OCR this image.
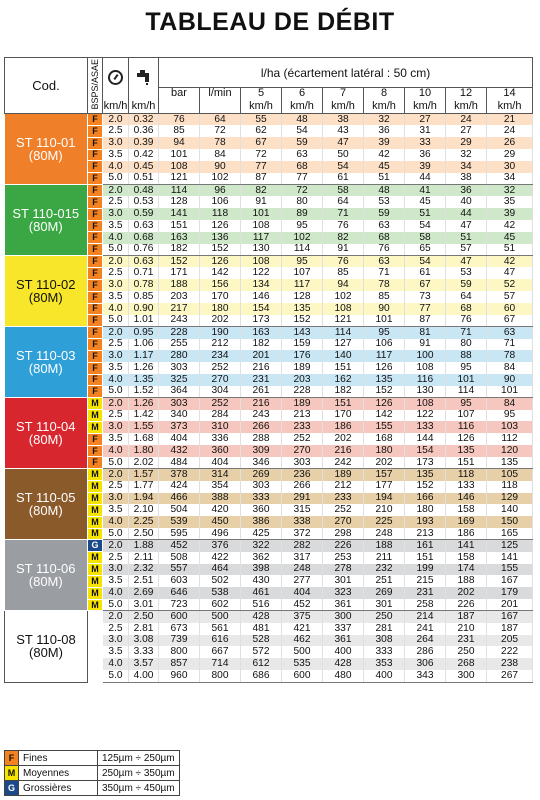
TABLEAU DE DÉBIT
Cod.	BSPS/ASAE			l/ha (écartement latéral : 50 cm)									
				bar	l/min	5	6	7	8	10	12	14		
		km/h	km/h			km/h	km/h	km/h	km/h	km/h	km/h	km/h	

ST 110-01
(80M)	F	2.0	0.32	76	64	55	48	38	32	27	24	21	
	F	2.5	0.36	85	72	62	54	43	36	31	27	24	
	F	3.0	0.39	94	78	67	59	47	39	33	29	26	
	F	3.5	0.42	101	84	72	63	50	42	36	32	29	
	F	4.0	0.45	108	90	77	68	54	45	39	34	30	
	F	5.0	0.51	121	102	87	77	61	51	44	38	34	

ST 110-015
(80M)	F	2.0	0.48	114	96	82	72	58	48	41	36	32	
	F	2.5	0.53	128	106	91	80	64	53	45	40	35	
	F	3.0	0.59	141	118	101	89	71	59	51	44	39	
	F	3.5	0.63	151	126	108	95	76	63	54	47	42	
	F	4.0	0.68	163	136	117	102	82	68	58	51	45	
	F	5.0	0.76	182	152	130	114	91	76	65	57	51	

ST 110-02
(80M)	F	2.0	0.63	152	126	108	95	76	63	54	47	42	
	F	2.5	0.71	171	142	122	107	85	71	61	53	47	
	F	3.0	0.78	188	156	134	117	94	78	67	59	52	
	F	3.5	0.85	203	170	146	128	102	85	73	64	57	
	F	4.0	0.90	217	180	154	135	108	90	77	68	60	
	F	5.0	1.01	243	202	173	152	121	101	87	76	67	

ST 110-03
(80M)	F	2.0	0.95	228	190	163	143	114	95	81	71	63	
	F	2.5	1.06	255	212	182	159	127	106	91	80	71	
	F	3.0	1.17	280	234	201	176	140	117	100	88	78	
	F	3.5	1.26	303	252	216	189	151	126	108	95	84	
	F	4.0	1.35	325	270	231	203	162	135	116	101	90	
	F	5.0	1.52	364	304	261	228	182	152	130	114	101	

ST 110-04
(80M)	M	2.0	1.26	303	252	216	189	151	126	108	95	84	
	M	2.5	1.42	340	284	243	213	170	142	122	107	95	
	M	3.0	1.55	373	310	266	233	186	155	133	116	103	
	F	3.5	1.68	404	336	288	252	202	168	144	126	112	
	F	4.0	1.80	432	360	309	270	216	180	154	135	120	
	F	5.0	2.02	484	404	346	303	242	202	173	151	135	

ST 110-05
(80M)	M	2.0	1.57	378	314	269	236	189	157	135	118	105	
	M	2.5	1.77	424	354	303	266	212	177	152	133	118	
	M	3.0	1.94	466	388	333	291	233	194	166	146	129	
	M	3.5	2.10	504	420	360	315	252	210	180	158	140	
	M	4.0	2.25	539	450	386	338	270	225	193	169	150	
	M	5.0	2.50	595	496	425	372	298	248	213	186	165	

ST 110-06
(80M)	G	2.0	1.88	452	376	322	282	226	188	161	141	125	
	M	2.5	2.11	508	422	362	317	253	211	151	158	141	
	M	3.0	2.32	557	464	398	248	278	232	199	174	155	
	M	3.5	2.51	603	502	430	277	301	251	215	188	167	
	M	4.0	2.69	646	538	461	404	323	269	231	202	179	
	M	5.0	3.01	723	602	516	452	361	301	258	226	201	

ST 110-08
(80M)		2.0	2.50	600	500	428	375	300	250	214	187	167	
		2.5	2.81	673	561	481	421	337	281	241	210	187	
		3.0	3.08	739	616	528	462	361	308	264	231	205	
		3.5	3.33	800	667	572	500	400	333	286	250	222	
		4.0	3.57	857	714	612	535	428	353	306	268	238	
		5.0	4.00	960	800	686	600	480	400	343	300	267	
F	Fines	125µm ÷ 250µm
M	Moyennes	250µm ÷ 350µm
G	Grossières	350µm ÷ 450µm
